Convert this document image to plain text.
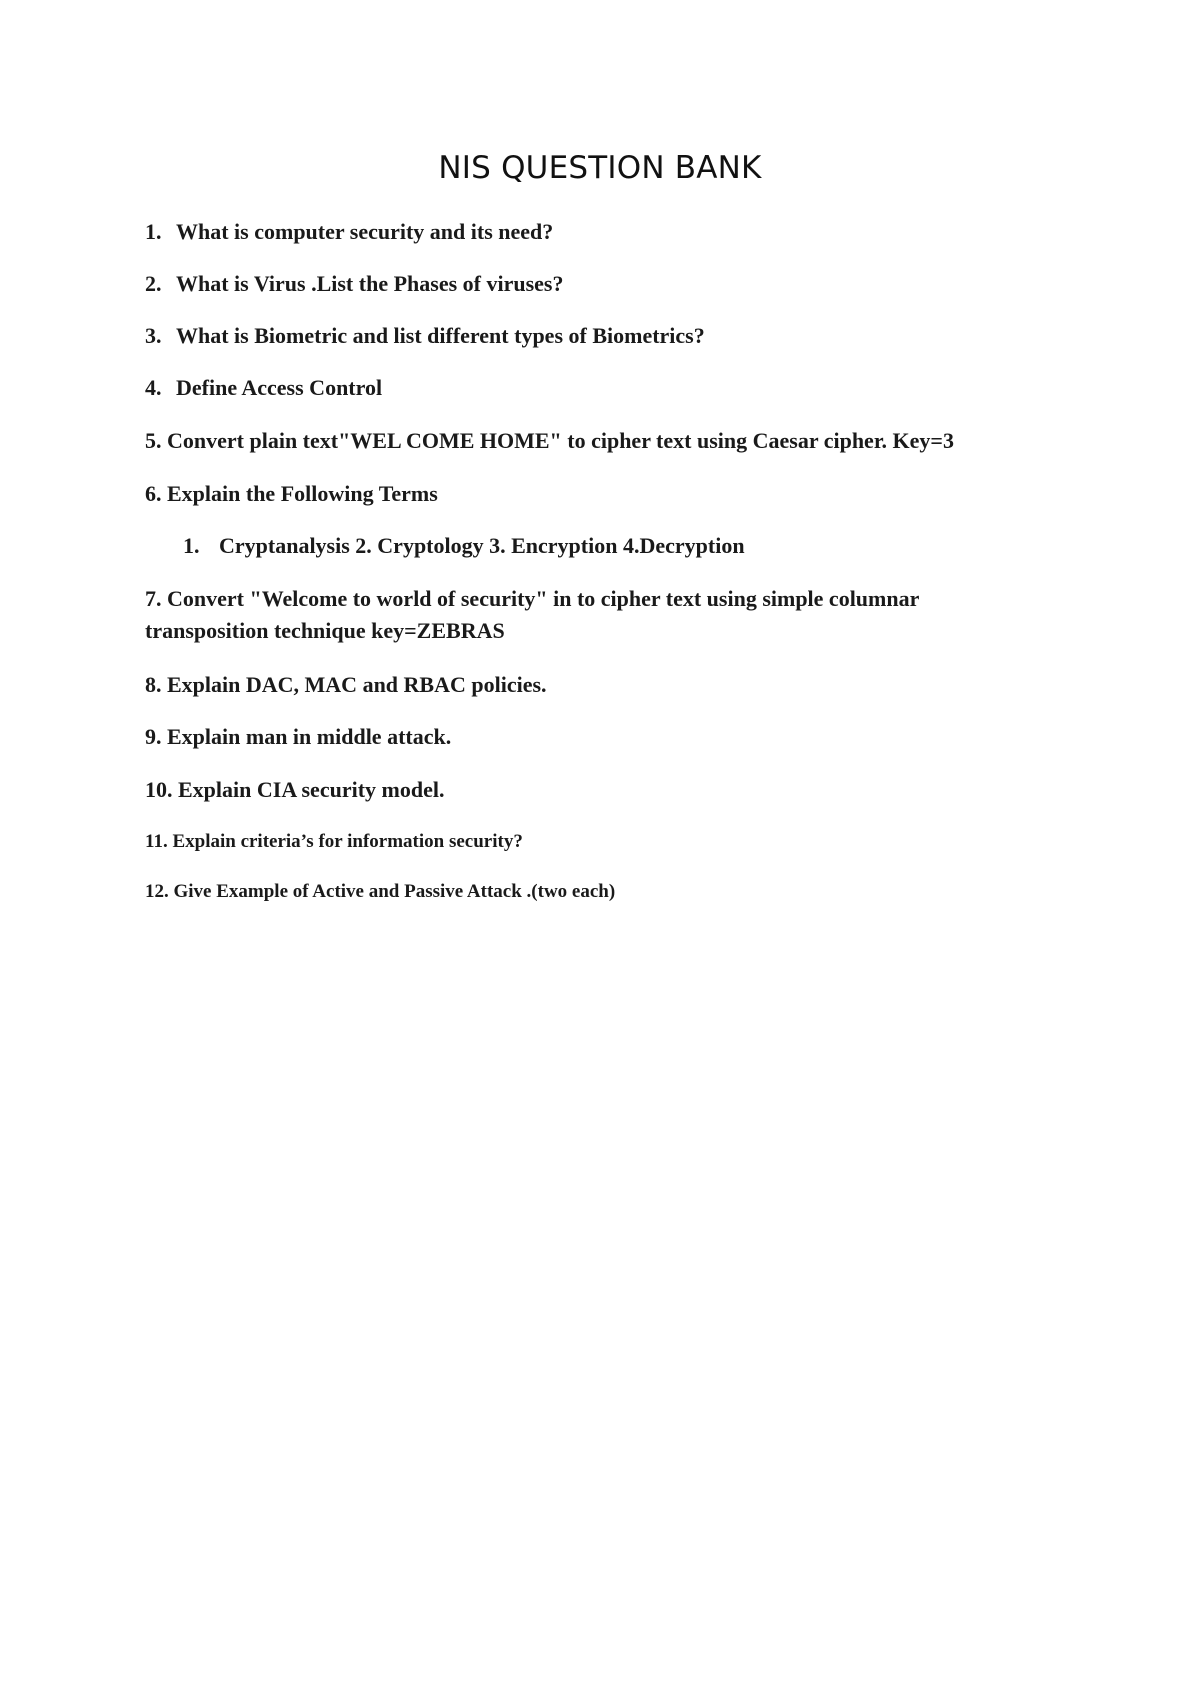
NIS QUESTION BANK
1. What is computer security and its need?
2. What is Virus .List the Phases of viruses?
3. What is Biometric and list different types of Biometrics?
4. Define Access Control
5. Convert plain text"WEL COME HOME" to cipher text using Caesar cipher. Key=3
6. Explain the Following Terms
1. Cryptanalysis 2. Cryptology 3. Encryption 4.Decryption
7. Convert "Welcome to world of security" in to cipher text using simple columnar transposition technique key=ZEBRAS
8. Explain DAC, MAC and RBAC policies.
9. Explain man in middle attack.
10. Explain CIA security model.
11. Explain criteria’s for information security?
12. Give Example of Active and Passive Attack .(two each)
